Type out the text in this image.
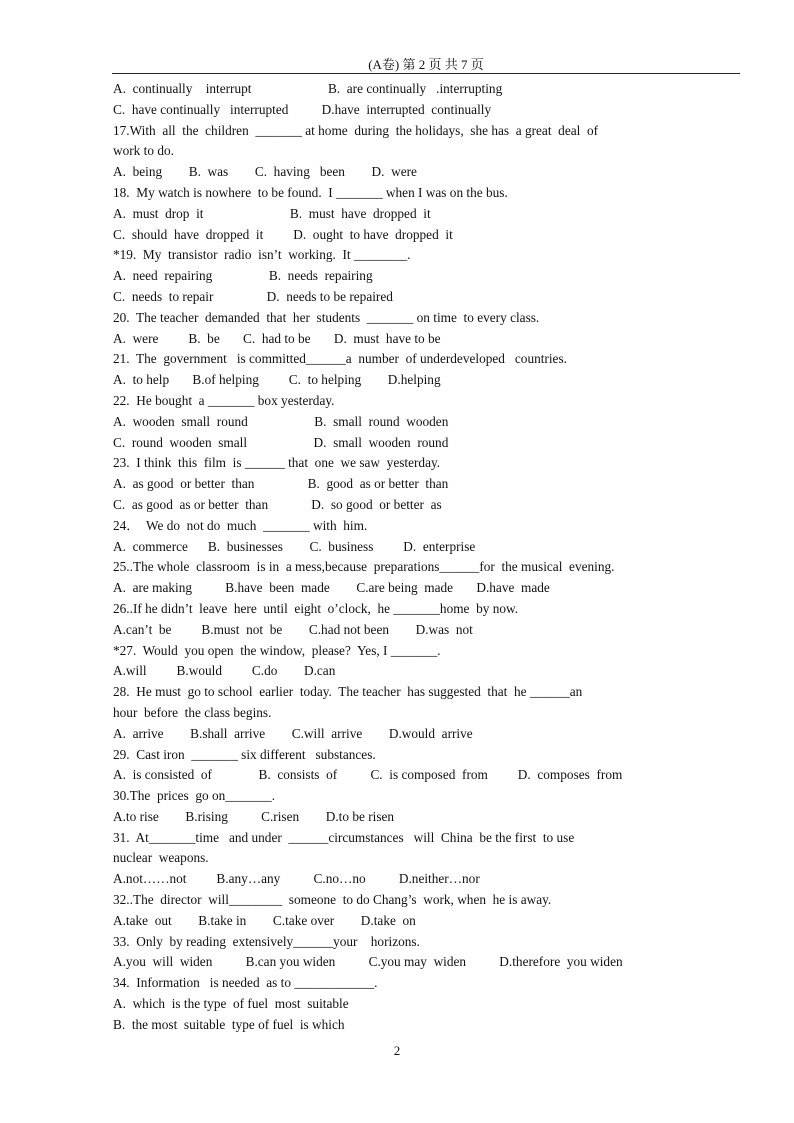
(A卷) 第 2 页 共 7 页

A.  continually    interrupt                       B.  are continually   .interrupting

C.  have continually   interrupted          D.have  interrupted  continually

17.With  all  the  children  _______ at home  during  the holidays,  she has  a great  deal  of

work to do.

A.  being        B.  was        C.  having   been        D.  were

18.  My watch is nowhere  to be found.  I _______ when I was on the bus.

A.  must  drop  it                          B.  must  have  dropped  it

C.  should  have  dropped  it         D.  ought  to have  dropped  it

*19.  My  transistor  radio  isn’t  working.  It ________.

A.  need  repairing                 B.  needs  repairing

C.  needs  to repair                D.  needs to be repaired

20.  The teacher  demanded  that  her  students  _______ on time  to every class.

A.  were         B.  be       C.  had to be       D.  must  have to be

21.  The  government   is committed______a  number  of underdeveloped   countries.

A.  to help       B.of helping         C.  to helping        D.helping

22.  He bought  a _______ box yesterday.

A.  wooden  small  round                    B.  small  round  wooden

C.  round  wooden  small                    D.  small  wooden  round

23.  I think  this  film  is ______ that  one  we saw  yesterday.

A.  as good  or better  than                B.  good  as or better  than

C.  as good  as or better  than             D.  so good  or better  as

24．  We do  not do  much  _______ with  him.

A.  commerce      B.  businesses        C.  business         D.  enterprise

25..The whole  classroom  is in  a mess,because  preparations______for  the musical  evening.

A.  are making          B.have  been  made        C.are being  made       D.have  made

26..If he didn’t  leave  here  until  eight  o’clock,  he _______home  by now.

A.can’t  be         B.must  not  be        C.had not been        D.was  not

*27.  Would  you open  the window,  please?  Yes, I _______.

A.will         B.would         C.do        D.can

28.  He must  go to school  earlier  today.  The teacher  has suggested  that  he ______an

hour  before  the class begins.

A.  arrive        B.shall  arrive        C.will  arrive        D.would  arrive

29.  Cast iron  _______ six different   substances.

A.  is consisted  of              B.  consists  of          C.  is composed  from         D.  composes  from

30.The  prices  go on_______.

A.to rise        B.rising          C.risen        D.to be risen

31.  At_______time   and under  ______circumstances   will  China  be the first  to use

nuclear  weapons.

A.not……not         B.any…any          C.no…no          D.neither…nor

32..The  director  will________  someone  to do Chang’s  work, when  he is away.

A.take  out        B.take in        C.take over        D.take  on

33.  Only  by reading  extensively______your    horizons.

A.you  will  widen          B.can you widen          C.you may  widen          D.therefore  you widen

34.  Information   is needed  as to ____________.

A.  which  is the type  of fuel  most  suitable

B.  the most  suitable  type of fuel  is which

2
